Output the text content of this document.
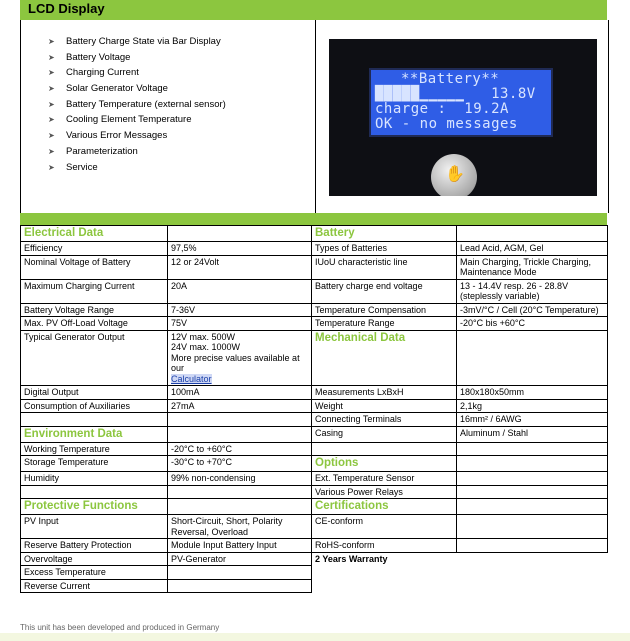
LCD Display
➤ Battery Charge State via Bar Display
➤ Battery Voltage
➤ Charging Current
➤ Solar Generator Voltage
➤ Battery Temperature (external sensor)
➤ Cooling Element Temperature
➤ Various Error Messages
➤ Parameterization
➤ Service
**Battery**
█████▁▁▁▁▁   13.8V
charge :  19.2A
OK - no messages
✋
Electrical Data		Battery	
Efficiency	97,5%	Types of Batteries	Lead Acid, AGM, Gel
Nominal Voltage of Battery	12 or 24Volt	IUoU characteristic line	Main Charging, Trickle Charging, Maintenance Mode
Maximum Charging Current	20A	Battery charge end voltage	13 - 14.4V resp. 26 - 28.8V (steplessly variable)
Battery Voltage Range	7-36V	Temperature Compensation	-3mV/°C / Cell (20°C Temperature)
Max. PV Off-Load Voltage	75V	Temperature Range	-20°C bis +60°C
Typical Generator Output	12V max. 500W
24V max. 1000W
More precise values available at our
Calculator	Mechanical Data	
Digital Output	100mA	Measurements LxBxH	180x180x50mm
Consumption of Auxiliaries	27mA	Weight	2,1kg
		Connecting Terminals	16mm² / 6AWG
Environment Data		Casing	Aluminum / Stahl
Working Temperature	-20°C to +60°C		
Storage Temperature	-30°C to +70°C	Options	
Humidity	99% non-condensing	Ext. Temperature Sensor	
		Various Power Relays	
Protective Functions		Certifications	
PV Input	Short-Circuit, Short, Polarity Reversal, Overload	CE-conform	
Reserve Battery Protection	Module Input Battery Input	RoHS-conform	
Overvoltage	PV-Generator	2 Years Warranty	
Excess Temperature			
Reverse Current			
This unit has been developed and produced in Germany
